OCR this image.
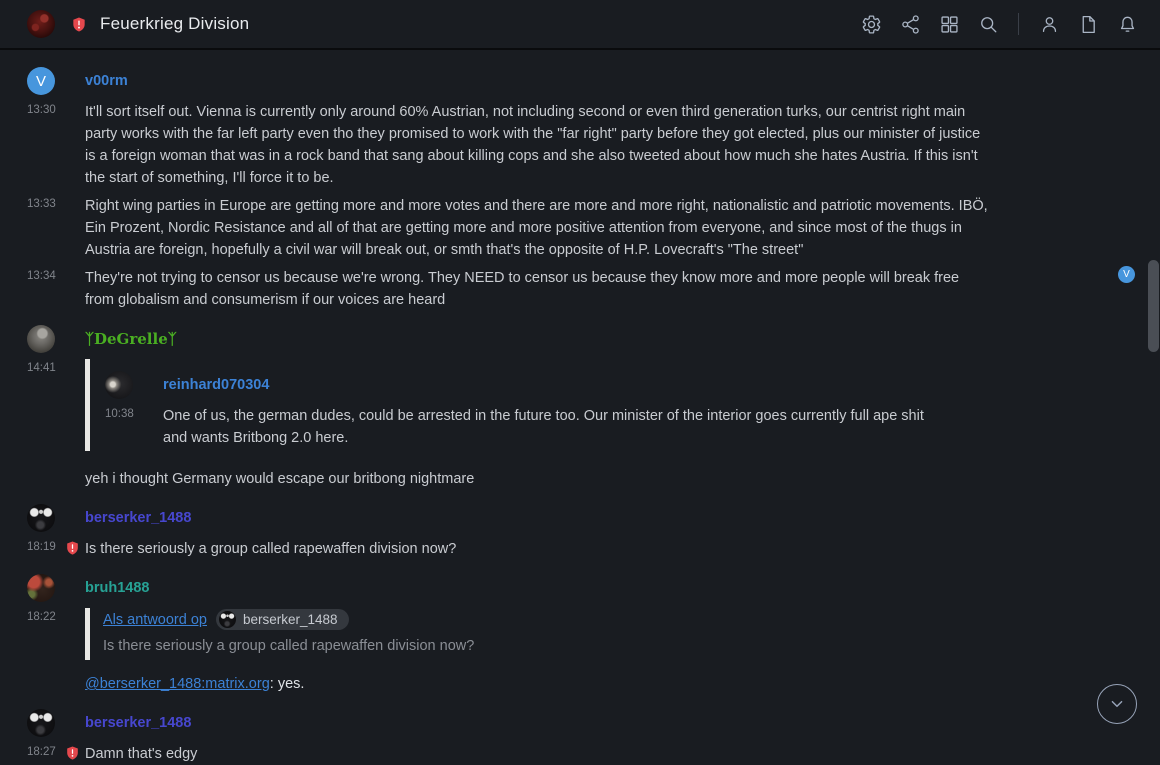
Feuerkrieg Division
V	v00rm
13:30 It'll sort itself out. Vienna is currently only around 60% Austrian, not including second or even third generation turks, our centrist right main party works with the far left party even tho they promised to work with the "far right" party before they got elected, plus our minister of justice is a foreign woman that was in a rock band that sang about killing cops and she also tweeted about how much she hates Austria. If this isn't the start of something, I'll force it to be.

13:33 Right wing parties in Europe are getting more and more votes and there are more and more right, nationalistic and patriotic movements. IBÖ, Ein Prozent, Nordic Resistance and all of that are getting more and more positive attention from everyone, and since most of the thugs in Austria are foreign, hopefully a civil war will break out, or smth that's the opposite of H.P. Lovecraft's "The street"

13:34 They're not trying to censor us because we're wrong. They NEED to censor us because they know more and more people will break free from globalism and consumerism if our voices are heard

V
ᛉDeGrelleᛉ
14:41
reinhard070304
10:38 One of us, the german dudes, could be arrested in the future too. Our minister of the interior goes currently full ape shit and wants Britbong 2.0 here.

yeh i thought Germany would escape our britbong nightmare

berserker_1488
18:19 Is there seriously a group called rapewaffen division now?

bruh1488
18:22	Als antwoord op	berserker_1488

Is there seriously a group called rapewaffen division now?

@berserker_1488:matrix.org: yes.

berserker_1488
18:27 Damn that's edgy
